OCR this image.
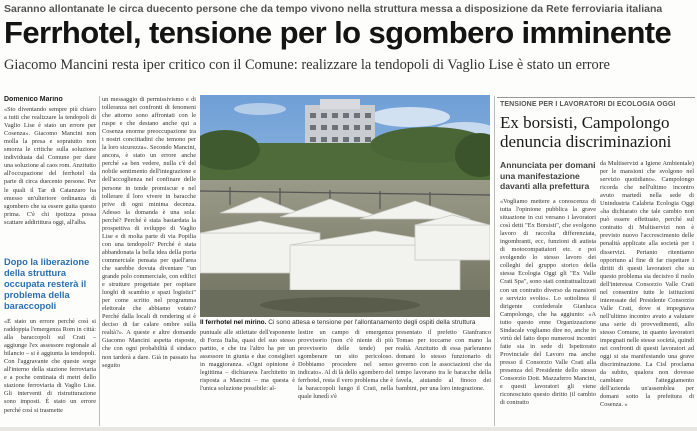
Saranno allontanate le circa duecento persone che da tempo vivono nella struttura messa a disposizione da Rete ferroviaria italiana
Ferrhotel, tensione per lo sgombero imminente
Giacomo Mancini resta iper critico con il Comune: realizzare la tendopoli di Vaglio Lise è stato un errore
Domenico Marino

«Sto diventando sempre più chiaro a tutti che realizzare la tendopoli di Vaglio Lise è stato un errore per Cosenza». Giacomo Mancini non molla la presa e sopratutto non smorza le critiche sulla soluzione individuata dal Comune per dare una soluzione al caos rom. Anzitutto all'occupazione del ferrhotel da parte di circa duecento persone. Per le quali il Tar di Catanzaro ha emesso un'ulteriore ordinanza di sgombero che sa essere guita questo prima. C'è chi ipotizza possa scattare addirittura oggi, all'alba.

Dopo la liberazione della struttura occupata resterà il problema della baraccopoli

«È stato un errore perché così si raddoppia l'emergenza Rom in città: alla baraccopoli sul Crati – aggiunge l'ex assessore regionale al bilancio – si è aggiunta la tendopoli. Con l'aggravante che queste sorge all'interno della stazione ferroviaria e a poche centinaia di metri dello stazione ferroviaria di Vaglio Lise. Gli interventi di ristrutturazione sono imposti. È stato un errore perché così si trasmette

un messaggio di permissivismo e di tolleranza nei confronti di fenomeni che attorno sono affrontati con le ruspe e che destano anche qui a Cosenza enorme preoccupazione tra i nostri concittadini che temono per la loro sicurezza». Secondo Mancini, ancora, è stato un errore anche perché «a ben vedere, nulla c'è del nobile sentimento dell'integrazione e dell'accoglienza nel confinare delle persone in tende promiscue e nel tollerare il loro vivere in baracche prive di ogni minima decenza. Adesso la domanda è una sola: perché? Perché è stata bastardata la prospettiva di sviluppo di Vaglio Lise e di molta parte di via Popilia con una tendopoli? Perché è stata abbandonata la bella idea della porta commerciale pensata per quell'area che sarebbe dovuta diventare "un grande polo commerciale, con edifici e strutture progettate per ospitare luoghi di scambio e spazi logistici" per come scritto nel programma elettorale che abbiamo votato? Perché dalla locali di rendering si è deciso di far calare ombre sulla realtà?». A queste e altre domande Giacomo Mancini aspetta risposte, che con ogni probabilità il sindaco non tarderà a dare. Già in passato ha seguito

Il ferrhotel nel mirino. Ci sono attesa e tensione per l'allontanamento degli ospiti della struttura

puntuale alle stilettate dell'esponente di Forza Italia, quasi del suo stesso partito, e che tra l'altro ha per un assessore in giunta e due consiglieri in maggioranza. «Ogni opinione è legittima – dichiarava l'architetto in risposta a Mancini – ma questa è l'unica soluzione possibile: al-

lestire un campo di emergenza provvisorio (non c'è niente di più provvisorio delle tende) per sgomberare un sito pericoloso. Dobbiamo procedere nel senso indicato». Al di là dello sgombero del ferrhotel, resta il vero problema che è la baraccopoli lungo il Crati, nella quale lunedì s'è

presentato il prefetto Gianfranco Tomao per toccarne con mano la realtà. Anzitutto di essa parleranno domani lo stesso funzionario di governo con le associazioni che da tempo lavorano tra le baracche della favela, aiutando al finoco dei bambini, per una loro integrazione.

TENSIONE PER I LAVORATORI DI ECOLOGIA OGGI
Ex borsisti, Campolongo denuncia discriminazioni
Annunciata per domani una manifestazione davanti alla prefettura

«Vogliamo mettere a conoscenza di tutta l'opinione pubblica la grave situazione in cui versano i lavoratori così detti "Ex Borsisti", che svolgono lavoro di raccolta differenziata, ingombranti, ecc, funzioni di autista di motocompattatori etc. e poi svolgendo lo stesso lavoro dei colleghi del gruppo storico della stessa Ecologia Oggi gli "Ex Valle Crati Spa", sono stati contrattualizzati con un contratto diverso da mansioni e servizio svolto». Lo sottolinea il dirigente confederale Gianluca Campolongo, che ha aggiunto: «A tutto questo enne Organizzazione Sindacale vogliamo dire no, anche in virtù del fatto dopo numerosi incontri fatte sia in sede di Ispettorato Provinciale del Lavoro ma anche presso il Consorzio Valle Crati alla presenza del Presidente dello stesso Consorzio Dott. Mazzaferro Mancini, e questi lavoratori gli viene riconosciuto questo diritto (il cambio di contratto

da Multiservizi a Igiene Ambientale) per le mansioni che svolgono nel servizio quotidiano». Campolongo ricorda che nell'ultimo incontro avuto martedì nella sede di Unindustria Calabria Ecologia Oggi «ha dichiarato che tale cambio non può essere effettuato, perché sul contratto di Multiservizi non è previsto nuovo l'accrescimento delle penalità applicate alla società per i disservizi. Pertanto ritentiamo opportuno al fine di far rispettare i diritti di questi lavoratori che su questo problema sia decisivo il ruolo dell'interessa Consorzio Valle Crati nel consentire tutte le istituzioni interessate del Presidente Consorzio Valle Crati, dove si impegnava nell'ultimo incontro avuto a valutare una serie di provvedimenti, allo stesso Comune, in quanto lavoratori impegnati nelle stesse società, quindi nei confronti di questi lavoratori ad oggi si sta manifestando una grave discriminazione. La Cisl proclama da subito, qualora non dovesse cambiare l'atteggiamento dell'azienda un'assemblea per domani sotto la prefettura di Cosenza. »
